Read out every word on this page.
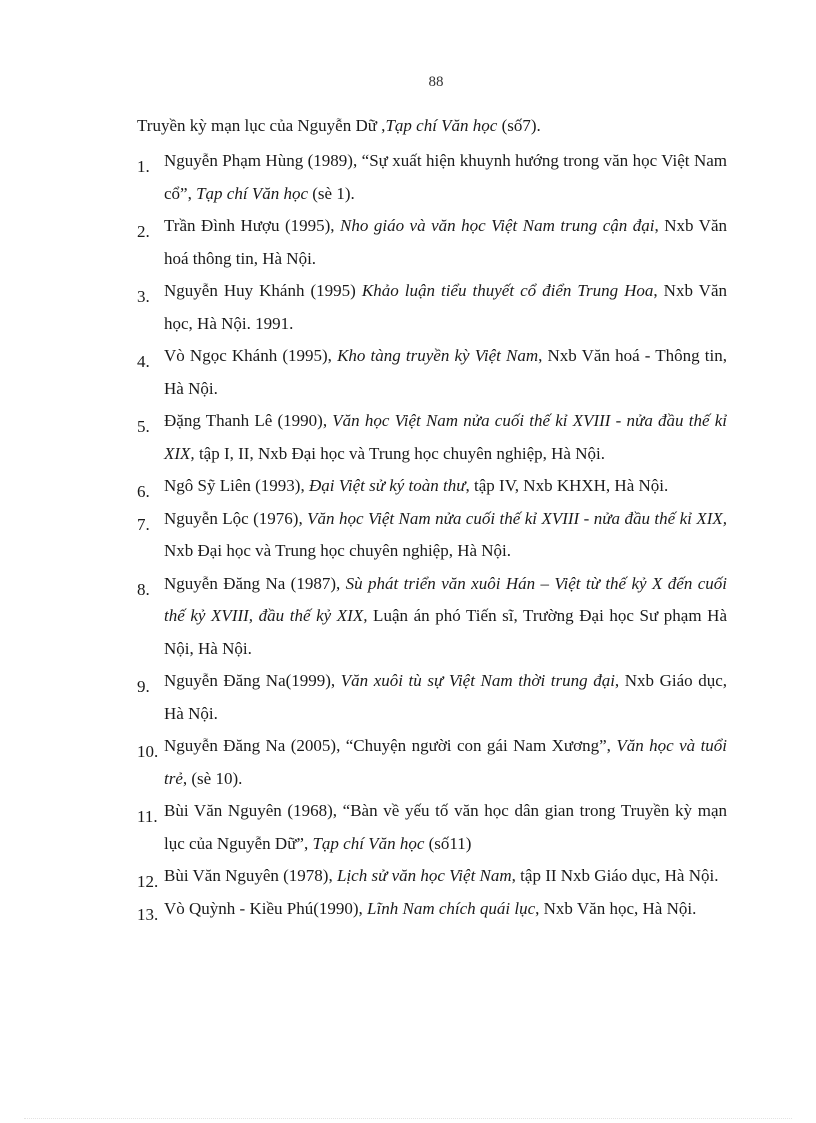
88
Truyền kỳ mạn lục của Nguyễn Dữ ,Tạp chí Văn học (số7).
1. Nguyễn Phạm Hùng (1989), “Sự xuất hiện khuynh hướng trong văn học Việt Nam cổ”, Tạp chí Văn học (sè 1).
2. Trần Đình Hượu (1995), Nho giáo và văn học Việt Nam trung cận đại, Nxb Văn hoá thông tin, Hà Nội.
3. Nguyễn Huy Khánh (1995) Khảo luận tiểu thuyết cổ điển Trung Hoa, Nxb Văn học, Hà Nội. 1991.
4. Vò Ngọc Khánh (1995), Kho tàng truyền kỳ Việt Nam, Nxb Văn hoá - Thông tin, Hà Nội.
5. Đặng Thanh Lê (1990), Văn học Việt Nam nửa cuối thế kỉ XVIII - nửa đầu thế kỉ XIX, tập I, II, Nxb Đại học và Trung học chuyên nghiệp, Hà Nội.
6. Ngô Sỹ Liên (1993), Đại Việt sử ký toàn thư, tập IV, Nxb KHXH, Hà Nội.
7. Nguyễn Lộc (1976), Văn học Việt Nam nửa cuối thế kỉ XVIII - nửa đầu thế kỉ XIX, Nxb Đại học và Trung học chuyên nghiệp, Hà Nội.
8. Nguyễn Đăng Na (1987), Sù phát triển văn xuôi Hán – Việt từ thế kỷ X đến cuối thế kỷ XVIII, đầu thế kỷ XIX, Luận án phó Tiến sĩ, Trường Đại học Sư phạm Hà Nội, Hà Nội.
9. Nguyễn Đăng Na(1999), Văn xuôi tù sự Việt Nam thời trung đại, Nxb Giáo dục, Hà Nội.
10. Nguyễn Đăng Na (2005), “Chuyện người con gái Nam Xương”, Văn học và tuổi trẻ, (sè 10).
11. Bùi Văn Nguyên (1968), “Bàn về yếu tố văn học dân gian trong Truyền kỳ mạn lục của Nguyễn Dữ”, Tạp chí Văn học (số11)
12. Bùi Văn Nguyên (1978), Lịch sử văn học Việt Nam, tập II Nxb Giáo dục, Hà Nội.
13. Vò Quỳnh - Kiều Phú(1990), Lĩnh Nam chích quái lục, Nxb Văn học, Hà Nội.
